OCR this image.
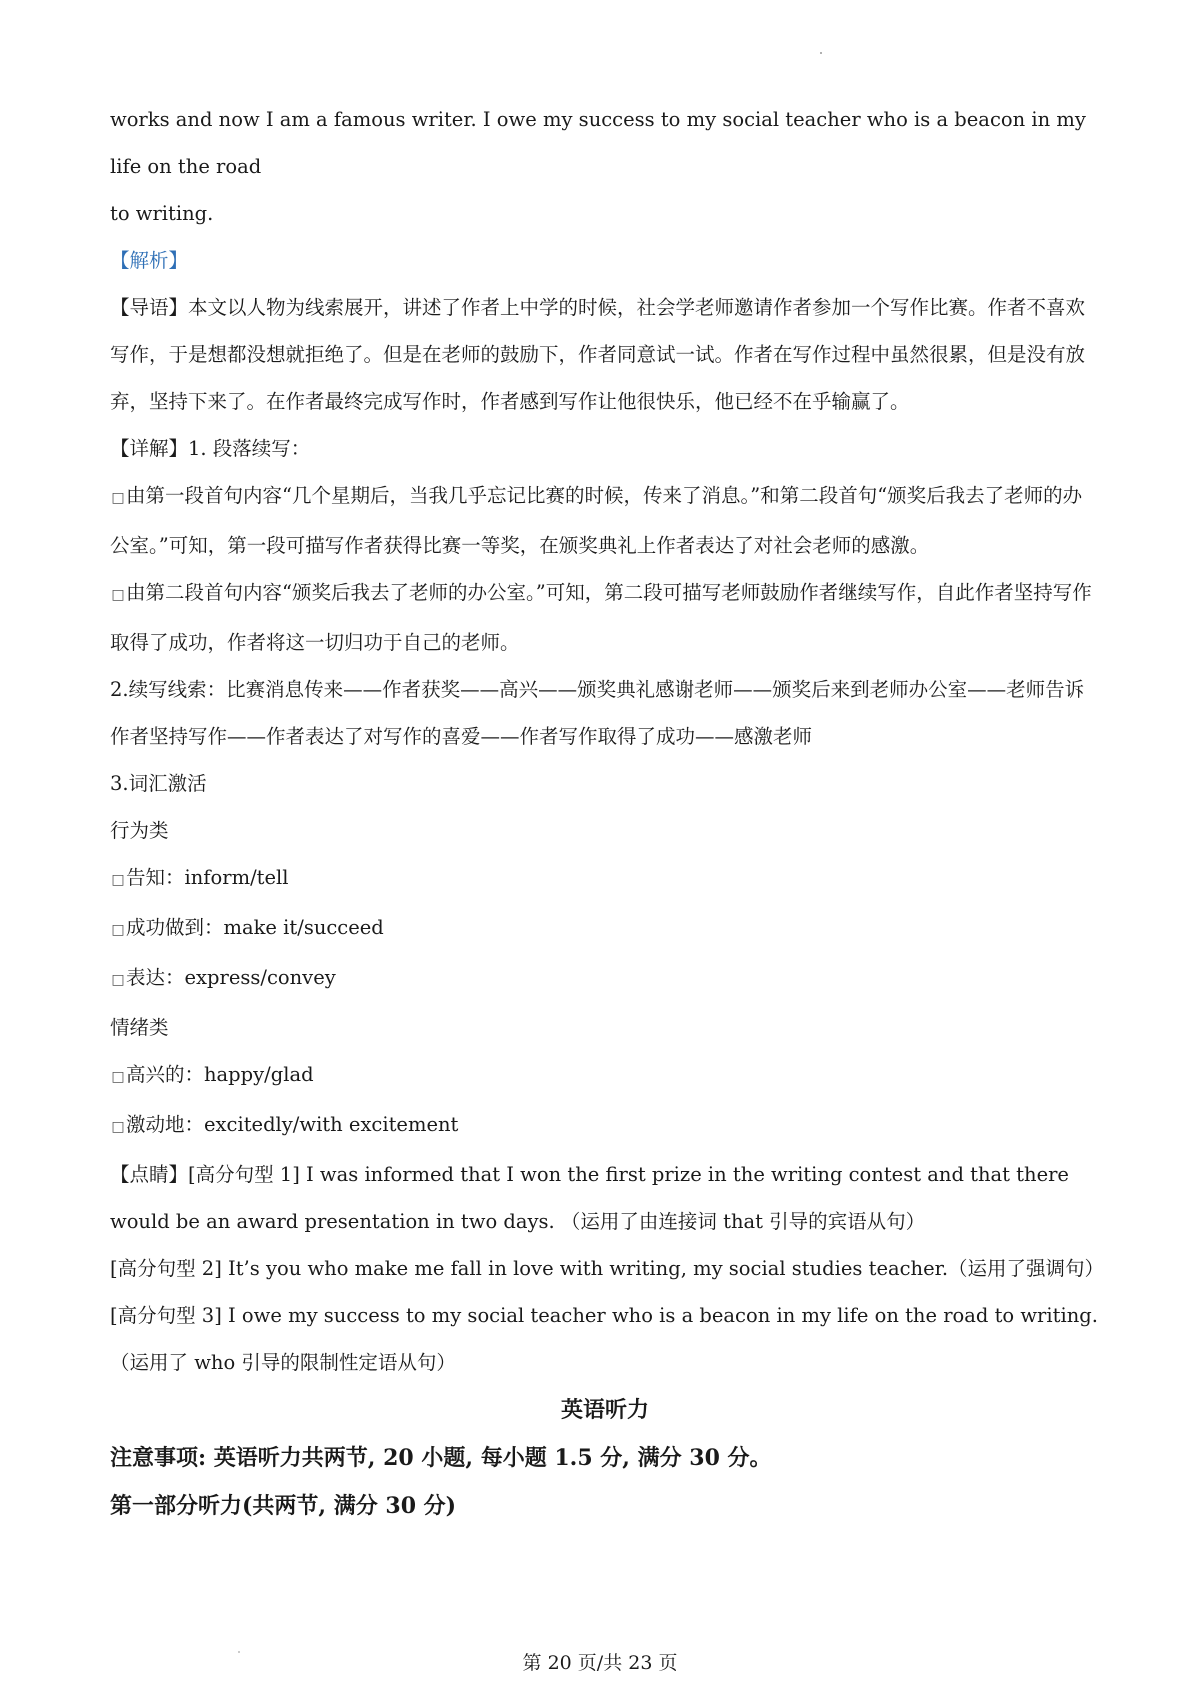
works and now I am a famous writer. I owe my success to my social teacher who is a beacon in my life on the road

to writing.

【解析】

【导语】本文以人物为线索展开，讲述了作者上中学的时候，社会学老师邀请作者参加一个写作比赛。作者不喜欢写作，于是想都没想就拒绝了。但是在老师的鼓励下，作者同意试一试。作者在写作过程中虽然很累，但是没有放弃，坚持下来了。在作者最终完成写作时，作者感到写作让他很快乐，他已经不在乎输赢了。

【详解】1. 段落续写：

□由第一段首句内容“几个星期后，当我几乎忘记比赛的时候，传来了消息。”和第二段首句“颁奖后我去了老师的办公室。”可知，第一段可描写作者获得比赛一等奖，在颁奖典礼上作者表达了对社会老师的感激。

□由第二段首句内容“颁奖后我去了老师的办公室。”可知，第二段可描写老师鼓励作者继续写作，自此作者坚持写作取得了成功，作者将这一切归功于自己的老师。

2.续写线索：比赛消息传来——作者获奖——高兴——颁奖典礼感谢老师——颁奖后来到老师办公室——老师告诉作者坚持写作——作者表达了对写作的喜爱——作者写作取得了成功——感激老师

3.词汇激活

行为类

□告知：inform/tell

□成功做到：make it/succeed

□表达：express/convey

情绪类

□高兴的：happy/glad

□激动地：excitedly/with excitement

【点睛】[高分句型 1] I was informed that I won the first prize in the writing contest and that there would be an award presentation in two days. （运用了由连接词 that 引导的宾语从句）

[高分句型 2] It’s you who make me fall in love with writing, my social studies teacher.（运用了强调句）

[高分句型 3] I owe my success to my social teacher who is a beacon in my life on the road to writing.（运用了 who 引导的限制性定语从句）

英语听力

注意事项: 英语听力共两节, 20 小题, 每小题 1.5 分, 满分 30 分。

第一部分听力(共两节, 满分 30 分)

第 20 页/共 23 页
